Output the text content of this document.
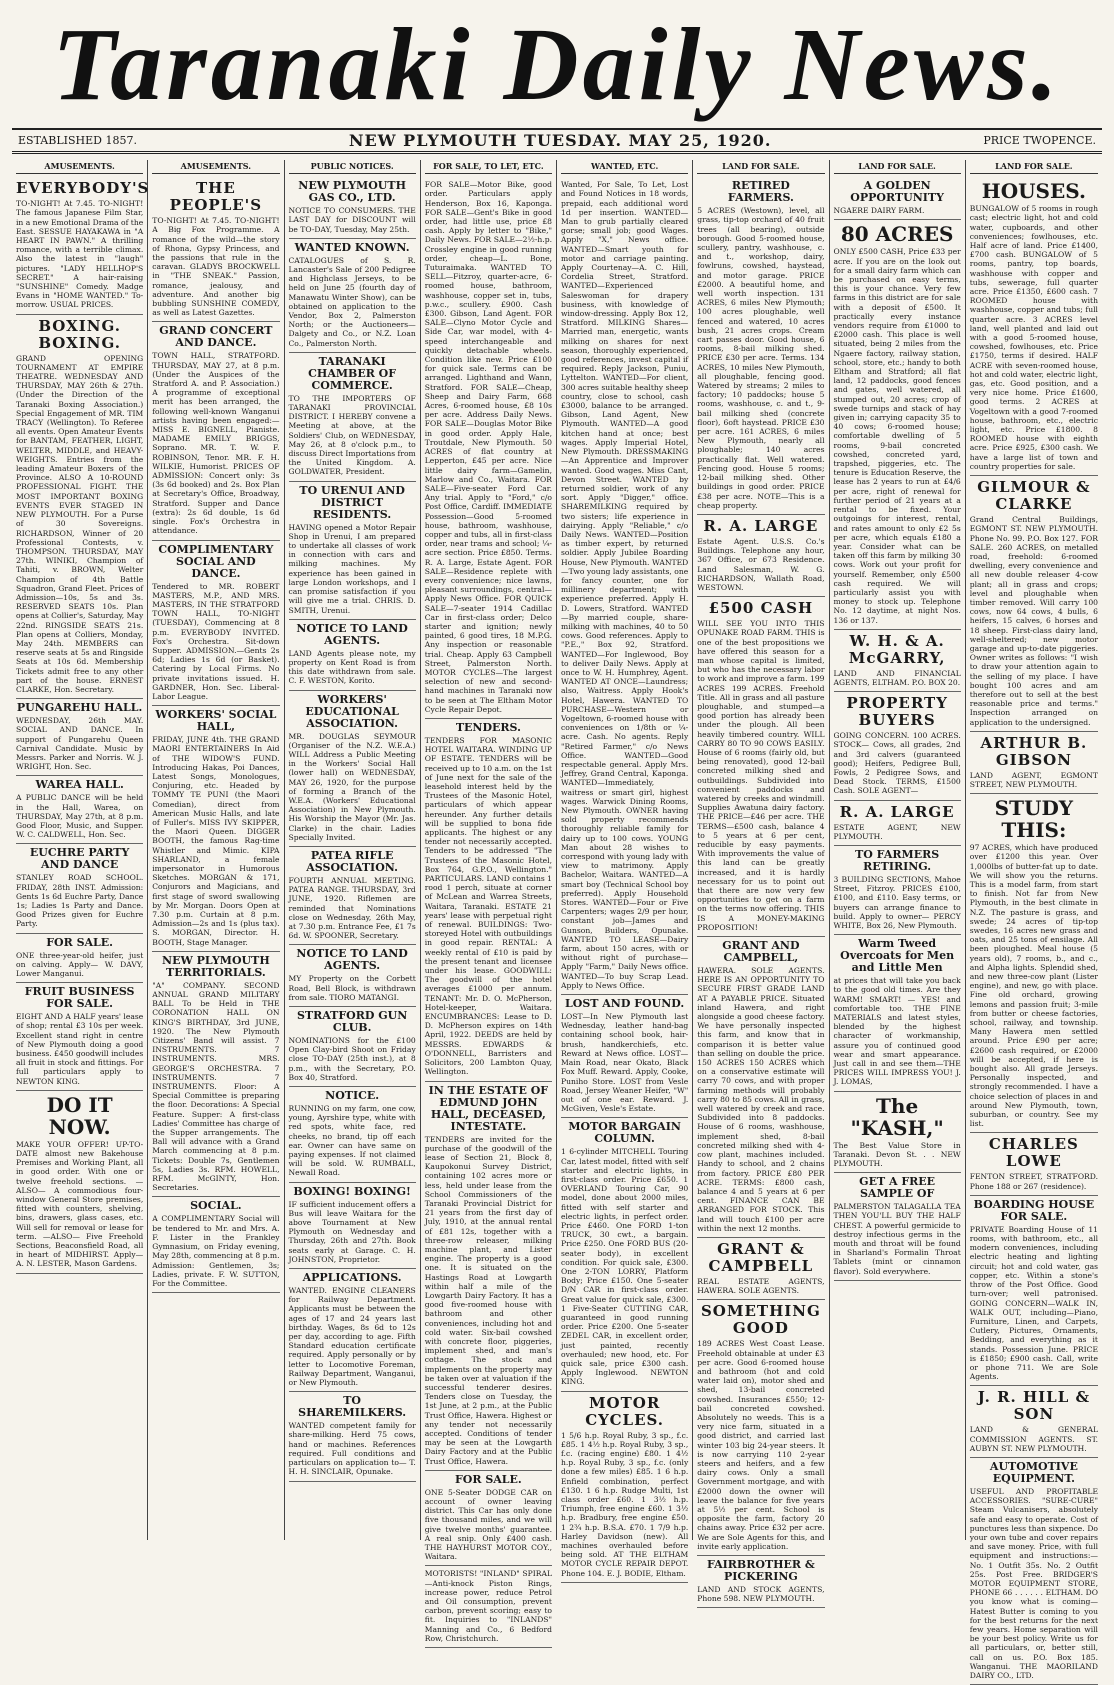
Taranaki Daily News.
ESTABLISHED 1857.	NEW PLYMOUTH TUESDAY. MAY 25, 1920.	PRICE TWOPENCE.
AMUSEMENTS.
EVERYBODY'S
TO-NIGHT! At 7.45. TO-NIGHT! The famous Japanese Film Star, in a new Emotional Drama of the East. SESSUE HAYAKAWA in "A HEART IN PAWN." A thrilling romance, with a terrible climax. Also the latest in "laugh" pictures. "LADY HELLHOP'S SECRET." A hair-raising "SUNSHINE" Comedy. Madge Evans in "HOME WANTED." To-morrow. USUAL PRICES.
BOXING. BOXING.
GRAND OPENING TOURNAMENT AT EMPIRE THEATRE. WEDNESDAY AND THURSDAY, MAY 26th & 27th. (Under the Direction of the Taranaki Boxing Association.) Special Engagement of MR. TIM TRACY (Wellington). To Referee all events. Open Amateur Events for BANTAM, FEATHER, LIGHT, WELTER, MIDDLE, and HEAVY-WEIGHTS. Entries from the leading Amateur Boxers of the Province. ALSO A 10-ROUND PROFESSIONAL FIGHT. THE MOST IMPORTANT BOXING EVENTS EVER STAGED IN NEW PLYMOUTH. For a Purse of 30 Sovereigns. RICHARDSON, Winner of 20 Professional Contests, v. THOMPSON. THURSDAY, MAY 27th. WINIKI, Champion of Tahiti, v. BROWN, Welter Champion of 4th Battle Squadron, Grand Fleet. Prices of Admission—10s, 5s and 3s. RESERVED SEATS 10s. Plan opens at Collier's, Saturday, May 22nd. RINGSIDE SEATS 21s. Plan opens at Colliers, Monday, May 24th. MEMBERS can reserve seats at 5s and Ringside Seats at 10s 6d. Membership Tickets admit free to any other part of the house. ERNEST CLARKE, Hon. Secretary.
PUNGAREHU HALL.
WEDNESDAY, 26th MAY. SOCIAL AND DANCE. In support of Pungarehu Queen Carnival Candidate. Music by Messrs. Parker and Norris. W. J. WRIGHT, Hon. Sec.
WAREA HALL.
A PUBLIC DANCE will be held in the Hall, Warea, on THURSDAY, May 27th, at 8 p.m. Good Floor, Music, and Supper. W. C. CALDWELL, Hon. Sec.
EUCHRE PARTY AND DANCE
STANLEY ROAD SCHOOL. FRIDAY, 28th INST. Admission: Gents 1s 6d Euchre Party, Dance 1s; Ladies 1s Party and Dance. Good Prizes given for Euchre Party.
FOR SALE.
ONE three-year-old heifer, just on calving. Apply— W. DAVY, Lower Manganui.
FRUIT BUSINESS FOR SALE.
EIGHT AND A HALF years' lease of shop; rental £3 10s per week. Excellent stand right in centre of New Plymouth doing a good business. £450 goodwill includes all fruit in stock and fittings. For full particulars apply to NEWTON KING.
DO IT NOW.
MAKE YOUR OFFER! UP-TO-DATE almost new Bakehouse Premises and Working Plant, all in good order. With one or twelve freehold sections. —ALSO— A commodious four-window General Store premises, fitted with counters, shelving, bins, drawers, glass cases, etc. Will sell for removal or lease for term. —ALSO— Five Freehold Sections, Beaconsfield Road, all in heart of MIDHIRST. Apply— A. N. LESTER, Mason Gardens.
AMUSEMENTS.
THE PEOPLE'S
TO-NIGHT! At 7.45. TO-NIGHT! A Big Fox Programme. A romance of the wild—the story of Rhona, Gypsy Princess, and the passions that rule in the caravan. GLADYS BROCKWELL in "THE SNEAK." Passion, romance, jealousy, and adventure. And another big bubbling SUNSHINE COMEDY, as well as Latest Gazettes.
GRAND CONCERT AND DANCE.
TOWN HALL, STRATFORD. THURSDAY, MAY 27, at 8 p.m. (Under the Auspices of the Stratford A. and P. Association.) A programme of exceptional merit has been arranged, the following well-known Wanganui artists having been engaged:— MISS E. BIGNELL, Pianiste. MADAME EMILY BRIGGS, Soprano. MR. T. W. F. ROBINSON, Tenor. MR. F. H. WILKIE, Humorist. PRICES OF ADMISSION: Concert only: 3s (3s 6d booked) and 2s. Box Plan at Secretary's Office, Broadway, Stratford. Supper and Dance (extra): 2s 6d double, 1s 6d single. Fox's Orchestra in attendance.
COMPLIMENTARY SOCIAL AND DANCE.
Tendered to MR. ROBERT MASTERS, M.P., AND MRS. MASTERS, IN THE STRATFORD TOWN HALL, TO-NIGHT (TUESDAY), Commencing at 8 p.m. EVERYBODY INVITED. Fox's Orchestra. Sit-down Supper. ADMISSION.—Gents 2s 6d; Ladies 1s 6d (or Basket). Catering by Local Firms. No private invitations issued. H. GARDNER, Hon. Sec. Liberal-Labor League.
WORKERS' SOCIAL HALL,
FRIDAY, JUNE 4th. THE GRAND MAORI ENTERTAINERS In Aid of THE WIDOW'S FUND. Introducing Hakas, Poi Dances, Latest Songs, Monologues, Conjuring, etc. Headed by TOMMY TE PUNI (the Maori Comedian), direct from American Music Halls, and late of Fuller's. MISS IVY SKIPPER, the Maori Queen. DIGGER BOOTH, the famous Rag-time Whistler and Mimic. KIPA SHARLAND, a female impersonator in Humorous Sketches. MORGAN & 171, Conjurors and Magicians, and first stage of sword swallowing by Mr. Morgan. Doors Open at 7.30 p.m. Curtain at 8 p.m. Admission—2s and 1s (plus tax). S. MORGAN, Director. H. BOOTH, Stage Manager.
NEW PLYMOUTH TERRITORIALS.
"A" COMPANY. SECOND ANNUAL GRAND MILITARY BALL To be Held in THE CORONATION HALL ON KING'S BIRTHDAY, 3rd JUNE, 1920. The New Plymouth Citizens' Band will assist. 7 INSTRUMENTS. 7 INSTRUMENTS. MRS. GEORGE'S ORCHESTRA. 7 INSTRUMENTS. 7 INSTRUMENTS. Floor: A Special Committee is preparing the floor. Decorations: A Special Feature. Supper: A first-class Ladies' Committee has charge of the Supper arrangements. The Ball will advance with a Grand March commencing at 8 p.m. Tickets: Double 7s, Gentlemen 5s, Ladies 3s. RFM. HOWELL, RFM. McGINTY, Hon. Secretaries.
SOCIAL.
A COMPLIMENTARY Social will be tendered to Mr. and Mrs. A. F. Lister in the Frankley Gymnasium, on Friday evening, May 28th, commencing at 8 p.m. Admission: Gentlemen, 3s; Ladies, private. F. W. SUTTON, For the Committee.
PUBLIC NOTICES.
NEW PLYMOUTH GAS CO., LTD.
NOTICE TO CONSUMERS. THE LAST DAY for DISCOUNT will be TO-DAY, Tuesday, May 25th.
WANTED KNOWN.
CATALOGUES of S. R. Lancaster's Sale of 200 Pedigree and Highclass Jerseys, to be held on June 25 (fourth day of Manawatu Winter Show), can be obtained on application to the Vendor, Box 2, Palmerston North; or the Auctioneers—Dalgety and Co., or N.Z. Loan Co., Palmerston North.
TARANAKI CHAMBER OF COMMERCE.
TO THE IMPORTERS OF TARANAKI PROVINCIAL DISTRICT. I HEREBY convene a Meeting at above, at the Soldiers' Club, on WEDNESDAY, May 26, at 8 o'clock p.m., to discuss Direct Importations from the United Kingdom. A. GOLDWATER, President.
TO URENUI AND DISTRICT RESIDENTS.
HAVING opened a Motor Repair Shop in Urenui, I am prepared to undertake all classes of work in connection with cars and milking machines. My experience has been gained in large London workshops, and I can promise satisfaction if you will give me a trial. CHRIS. D. SMITH, Urenui.
NOTICE TO LAND AGENTS.
LAND Agents please note, my property on Kent Road is from this date withdrawn from sale. C. F. WESTON, Korito.
WORKERS' EDUCATIONAL ASSOCIATION.
MR. DOUGLAS SEYMOUR (Organiser of the N.Z. W.E.A.) WILL Address a Public Meeting in the Workers' Social Hall (lower hall) on WEDNESDAY, MAY 26, 1920, for the purpose of forming a Branch of the W.E.A. (Workers' Educational Association) in New Plymouth. His Worship the Mayor (Mr. Jas. Clarke) in the chair. Ladies Specially Invited.
PATEA RIFLE ASSOCIATION.
FOURTH ANNUAL MEETING. PATEA RANGE. THURSDAY, 3rd JUNE, 1920. Riflemen are reminded that Nominations close on Wednesday, 26th May, at 7.30 p.m. Entrance Fee, £1 7s 6d. W. SPOONER, Secretary.
NOTICE TO LAND AGENTS.
MY Property on the Corbett Road, Bell Block, is withdrawn from sale. TIORO MATANGI.
STRATFORD GUN CLUB.
NOMINATIONS for the £100 Open Clay-bird Shoot on Friday close TO-DAY (25th inst.), at 8 p.m., with the Secretary, P.O. Box 40, Stratford.
NOTICE.
RUNNING on my farm, one cow, young, Ayrshire type, white with red spots, white face, red cheeks, no brand, tip off each ear. Owner can have same on paying expenses. If not claimed will be sold. W. RUMBALL, Newall Road.
BOXING! BOXING!
IF sufficient inducement offers a Bus will leave Waitara for the above Tournament at New Plymouth on Wednesday and Thursday, 26th and 27th. Book seats early at Garage. C. H. JOHNSTON, Proprietor.
APPLICATIONS.
WANTED. ENGINE CLEANERS for Railway Department. Applicants must be between the ages of 17 and 24 years last birthday. Wages, 8s 6d to 12s per day, according to age. Fifth Standard education certificate required. Apply personally or by letter to Locomotive Foreman, Railway Department, Wanganui, or New Plymouth.
TO SHAREMILKERS.
WANTED competent family for share-milking. Herd 75 cows, hand or machines. References required. Full conditions and particulars on application to— T. H. H. SINCLAIR, Opunake.
FOR SALE, TO LET, ETC.
FOR SALE—Motor Bike, good order. Particulars apply Henderson, Box 16, Kaponga. FOR SALE—Gent's Bike in good order, had little use, price £8 cash. Apply by letter to "Bike," Daily News. FOR SALE—2½-h.p. Crossley engine in good running order, cheap—L. Bone, Tuturaimaka. WANTED TO SELL—Fitzroy, quarter-acre, 6-roomed house, bathroom, washhouse, copper set in, tubs, p.w.c., scullery. £900. Cash £300. Gibson, Land Agent. FOR SALE—Clyno Motor Cycle and Side Car, war model, with 4-speed interchangeable and quickly detachable wheels. Condition like new. Price £100 for quick sale. Terms can be arranged. Lighthand and Wann, Stratford. FOR SALE—Cheap, Sheep and Dairy Farm, 668 Acres, 6-roomed house, £8 10s per acre. Address Daily News. FOR SALE—Douglas Motor Bike in good order. Apply Hale, Troutdale, New Plymouth. 50 ACRES of flat country at Lepperton, £45 per acre. Nice little dairy farm—Gamelin, Marlow and Co., Waitara. FOR SALE—Five-seater Ford Car. Any trial. Apply to "Ford," c/o Post Office, Cardiff. IMMEDIATE Possession—Good 5-roomed house, bathroom, washhouse, copper and tubs, all in first-class order, near trams and school; ¼-acre section. Price £850. Terms. R. A. Large, Estate Agent. FOR SALE—Residence replete with every convenience; nice lawns, pleasant surroundings, central—Apply News Office. FOR QUICK SALE—7-seater 1914 Cadillac Car in first-class order; Delco starter and ignition; newly painted, 6 good tires, 18 M.P.G. Any inspection or reasonable trial. Cheap. Apply 63 Campbell Street, Palmerston North. MOTOR CYCLES—The largest selection of new and second-hand machines in Taranaki now to be seen at The Eltham Motor Cycle Repair Depot.
TENDERS.
TENDERS FOR MASONIC HOTEL WAITARA. WINDING UP OF ESTATE. TENDERS will be received up to 10 a.m. on the 1st of June next for the sale of the leasehold interest held by the Trustees of the Masonic Hotel, particulars of which appear hereunder. Any further details will be supplied to bona fide applicants. The highest or any tender not necessarily accepted. Tenders to be addressed "The Trustees of the Masonic Hotel, Box 764, G.P.O., Wellington." PARTICULARS. LAND contains 1 rood 1 perch, situate at corner of McLean and Warrea Streets, Waitara, Taranaki. ESTATE 21 years' lease with perpetual right of renewal. BUILDINGS: Two-storeyed Hotel with outbuildings in good repair. RENTAL: A weekly rental of £10 is paid by the present tenant and licensee under his lease. GOODWILL: The goodwill of the hotel averages £1000 per annum. TENANT: Mr. D. O. McPherson, Hotel-keeper, Waitara. ENCUMBRANCES: Lease to D. D. McPherson expires on 14th April, 1922. DEEDS are held by MESSRS. EDWARDS & O'DONNELL, Barristers and Solicitors, 200 Lambton Quay, Wellington.
IN THE ESTATE OF EDMUND JOHN HALL, DECEASED, INTESTATE.
TENDERS are invited for the purchase of the goodwill of the lease of Section 21, Block 8, Kaupokonui Survey District, containing 102 acres more or less, held under lease from the School Commissioners of the Taranaki Provincial District for 21 years from the first day of July, 1910, at the annual rental of £81 12s, together with a three-row releaser, milking machine plant, and Lister engine. The property is a good one. It is situated on the Hastings Road at Lowgarth within half a mile of the Lowgarth Dairy Factory. It has a good five-roomed house with bathroom and other conveniences, including hot and cold water. Six-bail cowshed with concrete floor, piggeries, implement shed, and man's cottage. The stock and implements on the property may be taken over at valuation if the successful tenderer desires. Tenders close on Tuesday, the 1st June, at 2 p.m., at the Public Trust Office, Hawera. Highest or any tender not necessarily accepted. Conditions of tender may be seen at the Lowgarth Dairy Factory and at the Public Trust Office, Hawera.
FOR SALE.
ONE 5-Seater DODGE CAR on account of owner leaving district. This Car has only done five thousand miles, and we will give twelve months' guarantee. A real snip. Only £400 cash. THE HAYHURST MOTOR COY., Waitara.
MOTORISTS! "INLAND" SPIRAL—Anti-knock Piston Rings, increase power, reduce Petrol and Oil consumption, prevent carbon, prevent scoring; easy to fit. Inquiries to "INLANDS" Manning and Co., 6 Bedford Row, Christchurch.
WANTED, ETC.
Wanted, For Sale, To Let, Lost and Found Notices in 18 words, prepaid, each additional word 1d per insertion. WANTED—Man to grub partially cleared gorse; small job; good Wages. Apply "X," News office. WANTED—Smart youth for motor and carriage painting. Apply Courtenay—A. C. Hill, Cordelia Street, Stratford. WANTED—Experienced Saleswoman for drapery business, with knowledge of window-dressing. Apply Box 12, Stratford. MILKING Shares—Married man, energetic, wants milking on shares for next season, thoroughly experienced, good references, invest capital if required. Reply Jackson, Puniu, Lyttelton. WANTED—For client, 300 acres suitable healthy sheep country, close to school, cash £3000, balance to be arranged. Gibson, Land Agent, New Plymouth. WANTED—A good kitchen hand at once; best wages. Apply Imperial Hotel, New Plymouth. DRESSMAKING—An Apprentice and Improver wanted. Good wages. Miss Cant, Devon Street. WANTED by returned soldier, work of any sort. Apply "Digger," office. SHAREMILKING required by two sisters; life experience in dairying. Apply "Reliable," c/o Daily News. WANTED—Position as timber expert, by returned soldier. Apply Jubilee Boarding House, New Plymouth. WANTED—Two young lady assistants, one for fancy counter, one for millinery department; with experience preferred. Apply H. D. Lowers, Stratford. WANTED—By married couple, share-milking with machines, 40 to 50 cows. Good references. Apply to "P.E.," Box 92, Stratford. WANTED—For Inglewood, Boy to deliver Daily News. Apply at once to W. H. Humphrey, Agent. WANTED AT ONCE—Laundress; also, Waitress. Apply Hook's Hotel, Hawera. WANTED TO PURCHASE—Western or Vogeltown, 6-roomed house with conveniences on 1/8th or ¼-acre. Cash. No agents. Reply "Retired Farmer," c/o News Office. WANTED—Good respectable general. Apply Mrs. Jeffrey, Grand Central, Kaponga. WANTED—Immediately, waitress or smart girl, highest wages. Warwick Dining Rooms, New Plymouth. OWNER having sold property recommends thoroughly reliable family for dairy up to 100 cows. YOUNG Man about 28 wishes to correspond with young lady with view to matrimony. Apply Bachelor, Waitara. WANTED—A smart boy (Technical School boy preferred). Apply Household Stores. WANTED—Four or Five Carpenters; wages 2/9 per hour, constant job—James and Gunson, Builders, Opunake. WANTED TO LEASE—Dairy farm, about 150 acres, with or without right of purchase—Apply "Farm," Daily News office. WANTED—To buy Scrap Lead. Apply to News Office.
LOST AND FOUND.
LOST—In New Plymouth last Wednesday, leather hand-bag containing school book, hair-brush, handkerchiefs, etc. Reward at News office. LOST—Main Road, near Okato, Black Fox Muff. Reward. Apply, Cooke, Puniho Store. LOST from Vesle Road, Jersey Weaner Heifer, "W" out of one ear. Reward. J. McGiven, Vesle's Estate.
MOTOR BARGAIN COLUMN.
1 6-cylinder MITCHELL Touring Car, latest model, fitted with self starter and electric lights, in first-class order. Price £650. 1 OVERLAND Touring Car, 90 model, done about 2000 miles, fitted with self starter and electric lights, in perfect order. Price £460. One FORD 1-ton TRUCK, 30 cwt., a bargain. Price £250. One FORD BUS (20-seater body), in excellent condition. For quick sale, £300. One 2-TON LORRY, Platform Body; Price £150. One 5-seater D/N CAR in first-class order. Great value for quick sale, £300. 1 Five-Seater CUTTING CAR, guaranteed in good running order. Price £200. One 5-seater ZEDEL CAR, in excellent order, just painted, recently overhauled; new hood, etc. For quick sale, price £300 cash. Apply Inglewood. NEWTON KING.
MOTOR CYCLES.
1 5/6 h.p. Royal Ruby, 3 sp., f.c. £85. 1 4½ h.p. Royal Ruby, 3 sp., f.c. (racing engine) £80. 1 4½ h.p. Royal Ruby, 3 sp., f.c. (only done a few miles) £85. 1 6 h.p. Enfield combination, perfect £130. 1 6 h.p. Rudge Multi, 1st class order £60. 1 3½ h.p. Triumph, free engine £60. 1 3½ h.p. Bradbury, free engine £50. 1 2¾ h.p. B.S.A. £70. 1 7/9 h.p. Harley Davidson (new). All machines overhauled before being sold. AT THE ELTHAM MOTOR CYCLE REPAIR DEPOT. Phone 104. E. J. BODIE, Eltham.
LAND FOR SALE.
RETIRED FARMERS.
5 ACRES (Westown), level, all grass, tip-top orchard of 40 fruit trees (all bearing), outside borough. Good 5-roomed house, scullery, pantry, washhouse, c. and t., workshop, dairy, fowlruns, cowshed, haystead, and motor garage. PRICE £2000. A beautiful home, and well worth inspection. 131 ACRES, 6 miles New Plymouth; 100 acres ploughable, well fenced and watered, 10 acres bush, 21 acres crops. Cream cart passes door. Good house, 6 rooms, 8-bail milking shed. PRICE £30 per acre. Terms. 134 ACRES, 10 miles New Plymouth, all ploughable, fencing good. Watered by streams; 2 miles to factory; 10 paddocks; house 5 rooms, washhouse, c. and t., 9-bail milking shed (concrete floor), 6oft haystead. PRICE £30 per acre. 161 ACRES, 6 miles New Plymouth, nearly all ploughable; 140 acres practically flat. Well watered. Fencing good. House 5 rooms; 12-bail milking shed. Other buildings in good order. PRICE £38 per acre. NOTE—This is a cheap property.
R. A. LARGE
Estate Agent. U.S.S. Co.'s Buildings. Telephone any hour, 367 Office, or 673 Residence. Land Salesman, W. G. RICHARDSON, Wallath Road, WESTOWN.
£500 CASH
WILL SEE YOU INTO THIS OPUNAKE ROAD FARM. THIS is one of the best propositions we have offered this season for a man whose capital is limited, but who has the necessary labor to work and improve a farm. 199 ACRES 199 ACRES. Freehold Title. All in grass and all pasture ploughable, and stumped—a good portion has already been under the plough. All been heavily timbered country. WILL CARRY 80 TO 90 COWS EASILY. House of 6 rooms (fairly old, but being renovated), good 12-bail concreted milking shed and outbuildings. Subdivided into convenient paddocks and watered by creeks and windmill. Supplies Awatuna dairy factory. THE PRICE—£46 per acre. THE TERMS—£500 cash, balance 4 to 5 years at 6 per cent, reducible by easy payments. With improvements the value of this land can be greatly increased, and it is hardly necessary for us to point out that there are now very few opportunities to get on a farm on the terms now offering. THIS IS A MONEY-MAKING PROPOSITION!
GRANT AND CAMPBELL,
HAWERA. SOLE AGENTS. HERE IS AN OPPORTUNITY TO SECURE FIRST GRADE LAND AT A PAYABLE PRICE. Situated inland Hawera, and right alongside a good cheese factory. We have personally inspected this farm, and know that in comparison it is better value than selling on double the price. 150 ACRES 150 ACRES which on a conservative estimate will carry 70 cows, and with proper farming methods will probably carry 80 to 85 cows. All in grass, well watered by creek and race. Subdivided into 8 paddocks. House of 6 rooms, washhouse, implement shed, 8-bail concreted milking shed with 4-cow plant, machines included. Handy to school, and 2 chains from factory. PRICE £80 PER ACRE. TERMS: £800 cash, balance 4 and 5 years at 6 per cent. FINANCE CAN BE ARRANGED FOR STOCK. This land will touch £100 per acre within the next 12 months.
GRANT & CAMPBELL
REAL ESTATE AGENTS, HAWERA. SOLE AGENTS.
SOMETHING GOOD
189 ACRES West Coast Lease. Freehold obtainable at under £3 per acre. Good 6-roomed house and bathroom (hot and cold water laid on), motor shed and shed, 13-bail concreted cowshed. Insurances £550; 12-bail concreted cowshed. Absolutely no weeds. This is a very nice farm, situated in a good district, and carried last winter 103 big 24-year steers. It is now carrying 110 2-year steers and heifers, and a few dairy cows. Only a small Government mortgage, and with £2000 down the owner will leave the balance for five years at 5½ per cent. School is opposite the farm, factory 20 chains away. Price £32 per acre. We are Sole Agents for this, and invite early application.
FAIRBROTHER & PICKERING
LAND AND STOCK AGENTS, Phone 598. NEW PLYMOUTH.
LAND FOR SALE.
A GOLDEN OPPORTUNITY
NGAERE DAIRY FARM.
80 ACRES
ONLY £500 CASH, Price £33 per acre. If you are on the look out for a small dairy farm which can be purchased on easy terms, this is your chance. Very few farms in this district are for sale with a deposit of £500. It practically every instance vendors require from £1000 to £2000 cash. This place is well situated, being 2 miles from the Ngaere factory, railway station, school, store, etc.; handy to both Eltham and Stratford; all flat land, 12 paddocks, good fences and gates, well watered, all stumped out, 20 acres; crop of swede turnips and stack of hay given in; carrying capacity 35 to 40 cows; 6-roomed house; comfortable dwelling of 5 rooms, 9-bail concreted cowshed, concreted yard, trapshed, piggeries, etc. The tenure is Education Reserve, the lease has 2 years to run at £4/6 per acre, right of renewal for further period of 21 years at a rental to be fixed. Your outgoings for interest, rental, and rates amount to only £2 5s per acre, which equals £180 a year. Consider what can be taken off this farm by milking 30 cows. Work out your profit for yourself. Remember, only £500 cash required. We will particularly assist you with money to stock up. Telephone No. 12 daytime, at night Nos. 136 or 137.
W. H. & A. McGARRY,
LAND AND FINANCIAL AGENTS, ELTHAM. P.O. BOX 20.
PROPERTY BUYERS
GOING CONCERN. 100 ACRES. STOCK— Cows, all grades, 2nd and 3rd calvers (guaranteed good); Heifers, Pedigree Bull, Fowls, 2 Pedigree Sows, and Dead Stock. TERMS, £1500 Cash. SOLE AGENT—
R. A. LARGE
ESTATE AGENT, NEW PLYMOUTH.
TO FARMERS RETIRING.
3 BUILDING SECTIONS, Mahoe Street, Fitzroy. PRICES £100, £100, and £110. Easy terms, or buyers can arrange finance to build. Apply to owner— PERCY WHITE, Box 26, New Plymouth.
Warm Tweed Overcoats for Men and Little Men
at prices that will take you back to the good old times. Are they WARM! SMART! — YES! and comfortable too. THE FINE MATERIALS and latest styles, blended by the highest character of workmanship, assure you of continued good wear and smart appearance. Just call in and see them—THE PRICES WILL IMPRESS YOU! J. J. LOMAS,
The "KASH,"
The Best Value Store in Taranaki. Devon St. . . NEW PLYMOUTH.
GET A FREE SAMPLE OF
PALMERSTON TALAGALLA TEA THEN YOU'LL BUY THE HALF CHEST. A powerful germicide to destroy infectious germs in the mouth and throat will be found in Sharland's Formalin Throat Tablets (mint or cinnamon flavor). Sold everywhere.
LAND FOR SALE.
HOUSES.
BUNGALOW of 5 rooms in rough cast; electric light, hot and cold water, cupboards, and other conveniences; fowlhouses, etc. Half acre of land. Price £1400, £700 cash. BUNGALOW of 5 rooms, pantry, top boards, washhouse with copper and tubs, sewerage, full quarter acre. Price £1350, £600 cash. 7 ROOMED house with washhouse, copper and tubs; full quarter acre. 3 ACRES level land, well planted and laid out with a good 5-roomed house, cowshed, fowlhouses, etc. Price £1750, terms if desired. HALF ACRE with seven-roomed house, hot and cold water, electric light, gas, etc. Good position, and a very nice home. Price £1600, good terms. 2 ACRES at Vogeltown with a good 7-roomed house, bathroom, etc., electric light, etc. Price £1800. 8 ROOMED house with eighth acre. Price £925, £300 cash. We have a large list of town and country properties for sale.
GILMOUR & CLARKE
Grand Central Buildings, EGMONT ST. NEW PLYMOUTH. Phone No. 99. P.O. Box 127. FOR SALE. 260 ACRES, on metalled road, freehold: 6-roomed dwelling, every convenience and all new double releaser 4-cow plant; all in grass and crops; level and ploughable when timber removed. Will carry 100 cows, now 64 cows, 4 bulls, 6 heifers, 15 calves, 6 horses and 18 sheep. First-class dairy land, well-sheltered; new motor garage and up-to-date piggeries. Owner writes as follows: "I wish to draw your attention again to the selling of my place. I have bought 100 acres and am therefore out to sell at the best reasonable price and terms." Inspection arranged on application to the undersigned.
ARTHUR B. GIBSON
LAND AGENT, EGMONT STREET, NEW PLYMOUTH.
STUDY THIS:
97 ACRES, which have produced over £1200 this year. Over 1,000lbs of butter-fat up to date. We will show you the returns. This is a model farm, from start to finish. Not far from New Plymouth, in the best climate in N.Z. The pasture is grass, and swede; 24 acres of tip-top swedes, 16 acres new grass and oats, and 25 tons of ensilage. All been ploughed. Meal house (5 years old), 7 rooms, b., and c., and Alpha lights. Splendid shed, and new three-cow plant (Lister engine), and new, go with place. Fine old orchard, growing lemons and passion fruit; 3-mile from butter or cheese factories, school, railway, and township. Many Hawera men settled around. Price £90 per acre; £2600 cash required, or £2000 will be accepted, if here is bought also. All grade Jerseys. Personally inspected, and strongly recommended. I have a choice selection of places in and around New Plymouth, town, suburban, or country. See my list.
CHARLES LOWE
FENTON STREET, STRATFORD. Phone 188 or 267 (residence).
BOARDING HOUSE FOR SALE.
PRIVATE Boarding House of 11 rooms, with bathroom, etc., all modern conveniences, including electric heating and lighting circuit; hot and cold water, gas copper, etc. Within a stone's throw of the Post Office. Good turn-over; well patronised. GOING CONCERN—WALK IN, WALK OUT, including—Piano, Furniture, Linen, and Carpets, Cutlery, Pictures, Ornaments, Bedding, and everything as it stands. Possession June. PRICE is £1850; £900 cash. Call, write or phone 711. We are Sole Agents.
J. R. HILL & SON
LAND & GENERAL COMMISSION AGENTS. ST. AUBYN ST. NEW PLYMOUTH.
AUTOMOTIVE EQUIPMENT.
USEFUL AND PROFITABLE ACCESSORIES. "SURE-CURE" Steam Vulcanisers, absolutely safe and easy to operate. Cost of punctures less than sixpence. Do your own tube and cover repairs and save money. Price, with full equipment and instructions:— No. 1 Outfit 35s. No. 2 Outfit 25s. Post Free. BRIDGER'S MOTOR EQUIPMENT STORE, PHONE 66 . . . . . . ELTHAM. DO you know what is coming—Hatest Butter is coming to you for the best returns for the next few years. Home separation will be your best policy. Write us for all particulars, or, better still, call on us. P.O. Box 185. Wanganui. THE MAORILAND DAIRY CO., LTD.
